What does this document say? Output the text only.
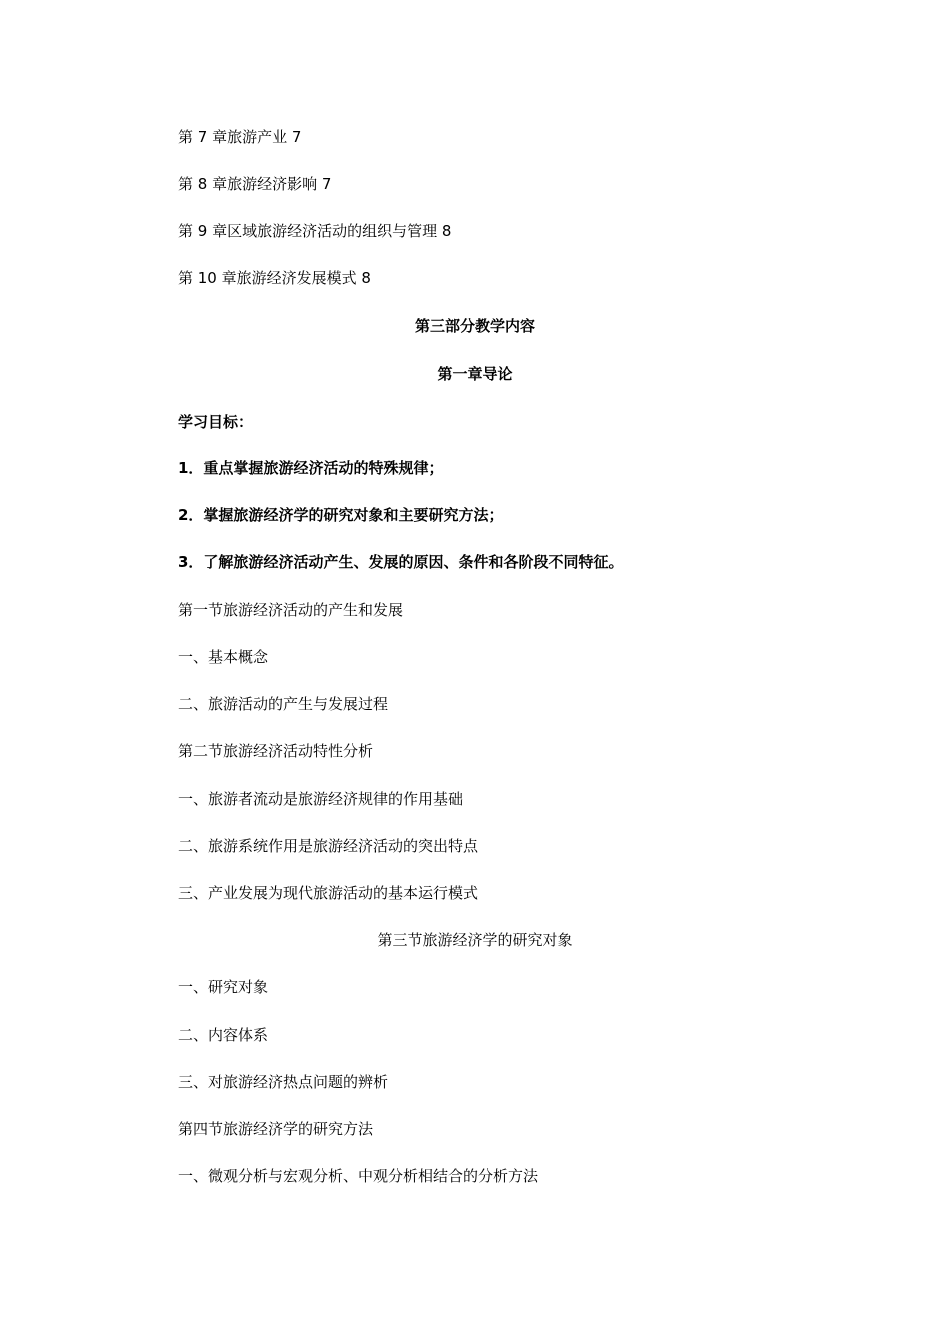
第 7 章旅游产业 7

第 8 章旅游经济影响 7

第 9 章区域旅游经济活动的组织与管理 8

第 10 章旅游经济发展模式 8

第三部分教学内容

第一章导论

学习目标：

1．重点掌握旅游经济活动的特殊规律；

2．掌握旅游经济学的研究对象和主要研究方法；

3．了解旅游经济活动产生、发展的原因、条件和各阶段不同特征。

第一节旅游经济活动的产生和发展

一、基本概念

二、旅游活动的产生与发展过程

第二节旅游经济活动特性分析

一、旅游者流动是旅游经济规律的作用基础

二、旅游系统作用是旅游经济活动的突出特点

三、产业发展为现代旅游活动的基本运行模式

第三节旅游经济学的研究对象

一、研究对象

二、内容体系

三、对旅游经济热点问题的辨析

第四节旅游经济学的研究方法

一、微观分析与宏观分析、中观分析相结合的分析方法
